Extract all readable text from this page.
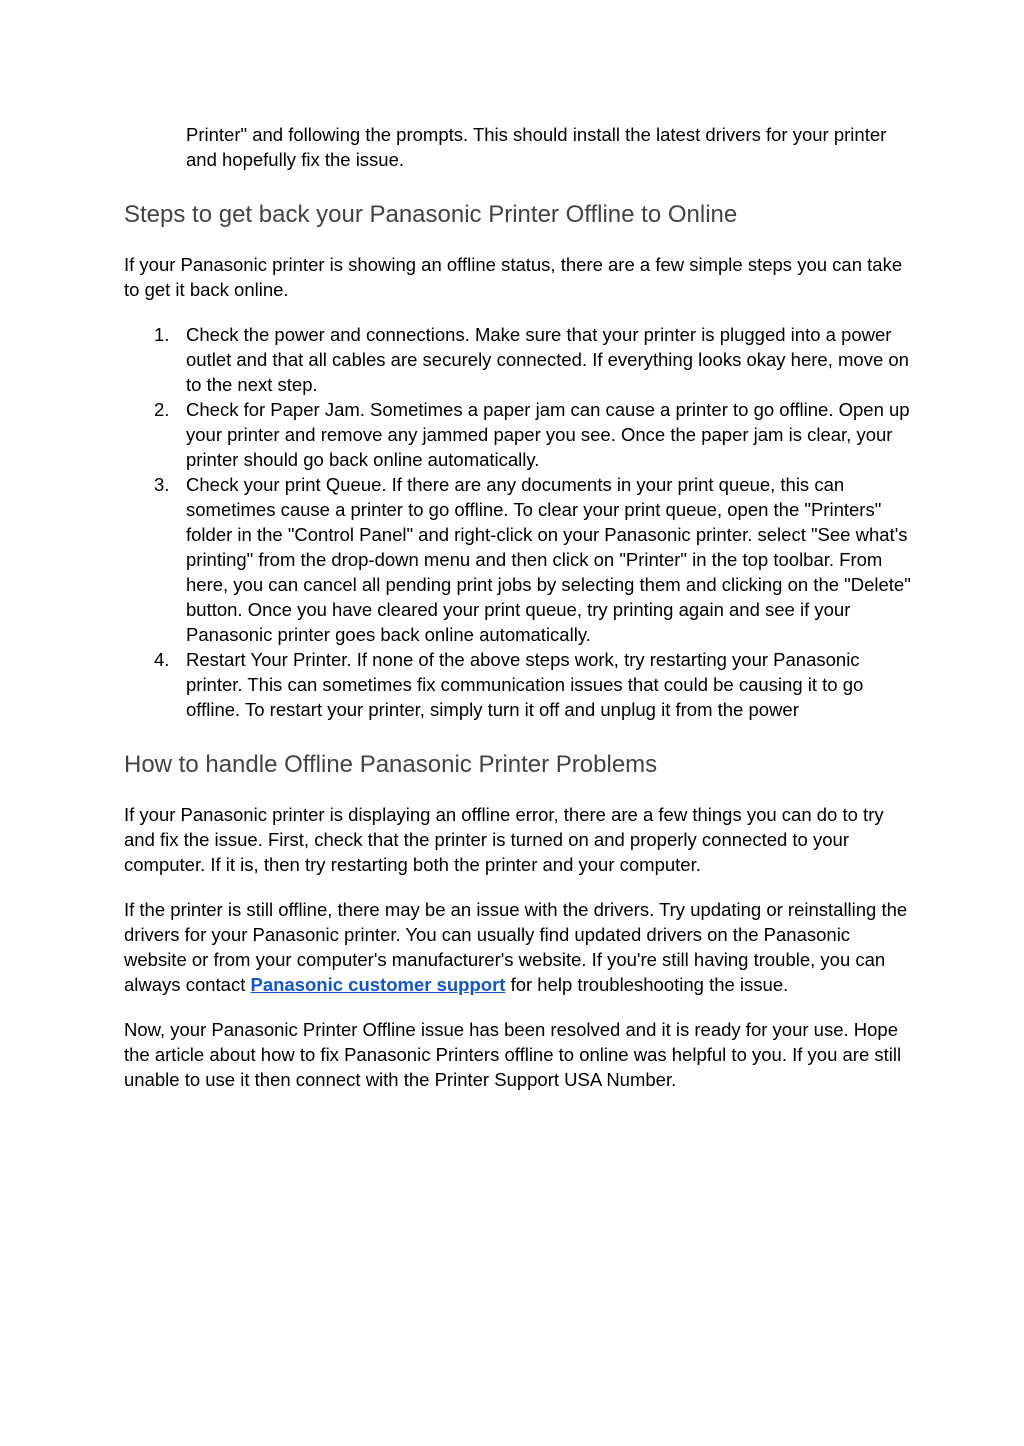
Printer" and following the prompts. This should install the latest drivers for your printer and hopefully fix the issue.

Steps to get back your Panasonic Printer Offline to Online

If your Panasonic printer is showing an offline status, there are a few simple steps you can take to get it back online.

1. Check the power and connections. Make sure that your printer is plugged into a power outlet and that all cables are securely connected. If everything looks okay here, move on to the next step.
2. Check for Paper Jam. Sometimes a paper jam can cause a printer to go offline. Open up your printer and remove any jammed paper you see. Once the paper jam is clear, your printer should go back online automatically.
3. Check your print Queue. If there are any documents in your print queue, this can sometimes cause a printer to go offline. To clear your print queue, open the "Printers" folder in the "Control Panel" and right-click on your Panasonic printer. select "See what's printing" from the drop-down menu and then click on "Printer" in the top toolbar. From here, you can cancel all pending print jobs by selecting them and clicking on the "Delete" button. Once you have cleared your print queue, try printing again and see if your Panasonic printer goes back online automatically.
4. Restart Your Printer. If none of the above steps work, try restarting your Panasonic printer. This can sometimes fix communication issues that could be causing it to go offline. To restart your printer, simply turn it off and unplug it from the power
How to handle Offline Panasonic Printer Problems

If your Panasonic printer is displaying an offline error, there are a few things you can do to try and fix the issue. First, check that the printer is turned on and properly connected to your computer. If it is, then try restarting both the printer and your computer.

If the printer is still offline, there may be an issue with the drivers. Try updating or reinstalling the drivers for your Panasonic printer. You can usually find updated drivers on the Panasonic website or from your computer's manufacturer's website. If you're still having trouble, you can always contact Panasonic customer support for help troubleshooting the issue.

Now, your Panasonic Printer Offline issue has been resolved and it is ready for your use. Hope the article about how to fix Panasonic Printers offline to online was helpful to you. If you are still unable to use it then connect with the Printer Support USA Number.
